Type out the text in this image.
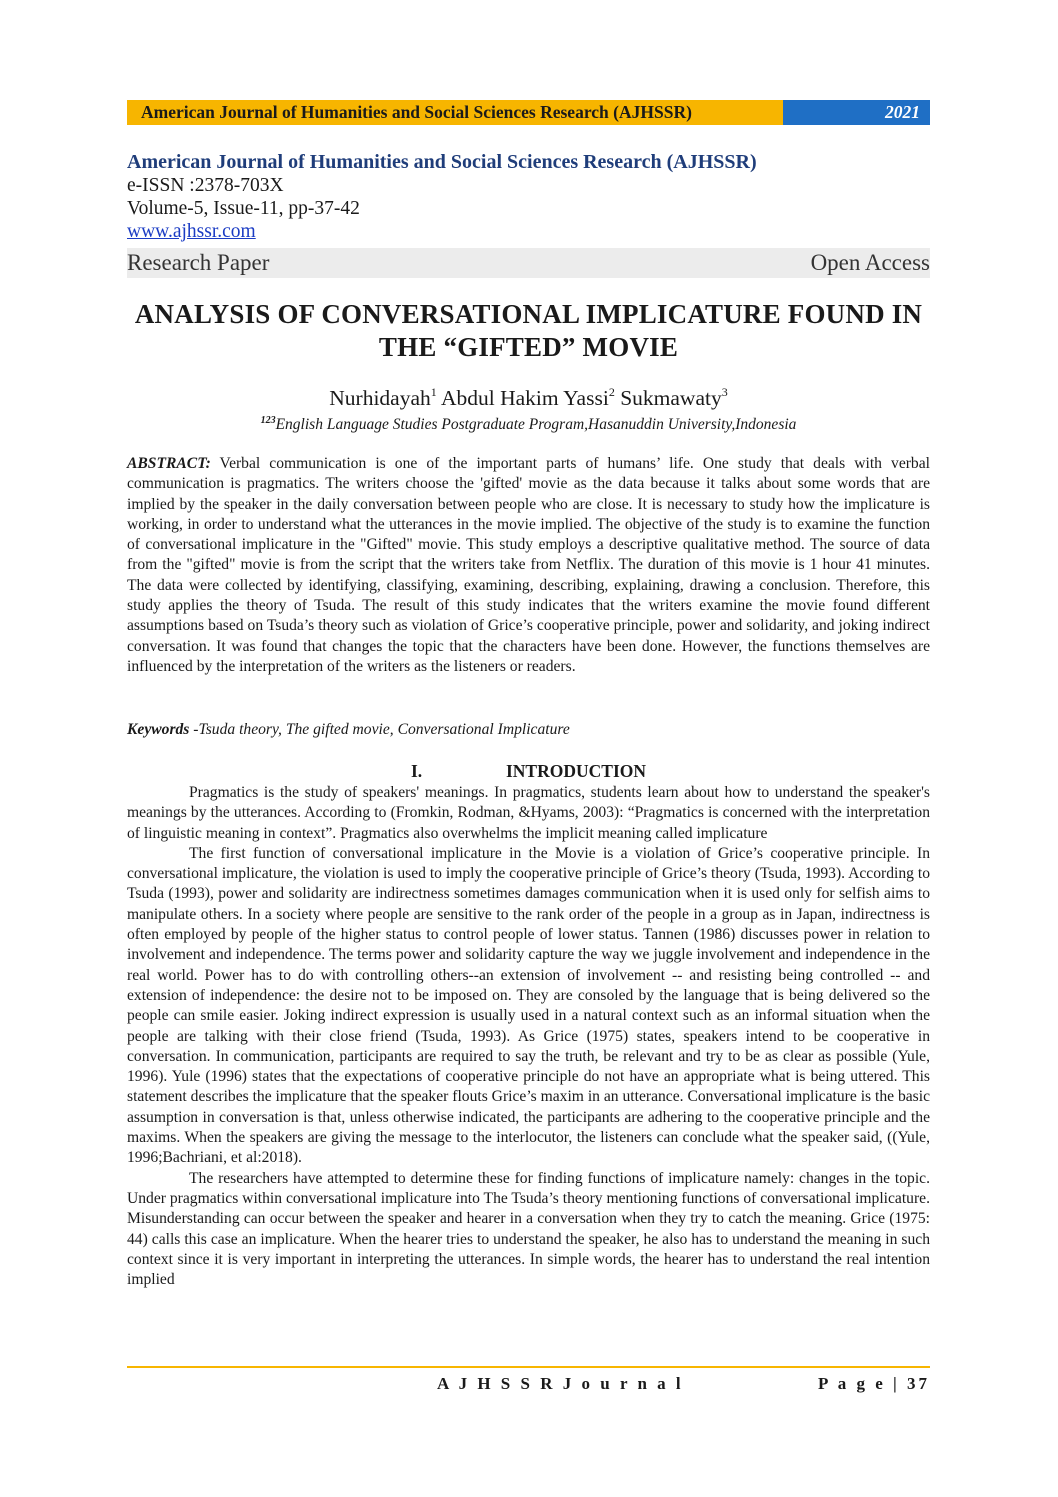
American Journal of Humanities and Social Sciences Research (AJHSSR)	2021

American Journal of Humanities and Social Sciences Research (AJHSSR)

e-ISSN :2378-703X

Volume-5, Issue-11, pp-37-42

www.ajhssr.com
Research Paper	Open Access
ANALYSIS OF CONVERSATIONAL IMPLICATURE FOUND IN THE “GIFTED” MOVIE

Nurhidayah$^1$ Abdul Hakim Yassi$^2$ Sukmawaty$^3$

$^{123}$English Language Studies Postgraduate Program,Hasanuddin University,Indonesia

ABSTRACT: Verbal communication is one of the important parts of humans’ life. One study that deals with verbal communication is pragmatics. The writers choose the 'gifted' movie as the data because it talks about some words that are implied by the speaker in the daily conversation between people who are close. It is necessary to study how the implicature is working, in order to understand what the utterances in the movie implied. The objective of the study is to examine the function of conversational implicature in the "Gifted" movie. This study employs a descriptive qualitative method. The source of data from the "gifted" movie is from the script that the writers take from Netflix. The duration of this movie is 1 hour 41 minutes. The data were collected by identifying, classifying, examining, describing, explaining, drawing a conclusion. Therefore, this study applies the theory of Tsuda. The result of this study indicates that the writers examine the movie found different assumptions based on Tsuda’s theory such as violation of Grice’s cooperative principle, power and solidarity, and joking indirect conversation. It was found that changes the topic that the characters have been done. However, the functions themselves are influenced by the interpretation of the writers as the listeners or readers.

Keywords -Tsuda theory, The gifted movie, Conversational Implicature

I.	INTRODUCTION

Pragmatics is the study of speakers' meanings. In pragmatics, students learn about how to understand the speaker's meanings by the utterances. According to (Fromkin, Rodman, &Hyams, 2003): “Pragmatics is concerned with the interpretation of linguistic meaning in context”. Pragmatics also overwhelms the implicit meaning called implicature

The first function of conversational implicature in the Movie is a violation of Grice’s cooperative principle. In conversational implicature, the violation is used to imply the cooperative principle of Grice’s theory (Tsuda, 1993). According to Tsuda (1993), power and solidarity are indirectness sometimes damages communication when it is used only for selfish aims to manipulate others. In a society where people are sensitive to the rank order of the people in a group as in Japan, indirectness is often employed by people of the higher status to control people of lower status. Tannen (1986) discusses power in relation to involvement and independence. The terms power and solidarity capture the way we juggle involvement and independence in the real world. Power has to do with controlling others--an extension of involvement -- and resisting being controlled -- and extension of independence: the desire not to be imposed on. They are consoled by the language that is being delivered so the people can smile easier. Joking indirect expression is usually used in a natural context such as an informal situation when the people are talking with their close friend (Tsuda, 1993). As Grice (1975) states, speakers intend to be cooperative in conversation. In communication, participants are required to say the truth, be relevant and try to be as clear as possible (Yule, 1996). Yule (1996) states that the expectations of cooperative principle do not have an appropriate what is being uttered. This statement describes the implicature that the speaker flouts Grice’s maxim in an utterance. Conversational implicature is the basic assumption in conversation is that, unless otherwise indicated, the participants are adhering to the cooperative principle and the maxims. When the speakers are giving the message to the interlocutor, the listeners can conclude what the speaker said, ((Yule, 1996;Bachriani, et al:2018).

The researchers have attempted to determine these for finding functions of implicature namely: changes in the topic. Under pragmatics within conversational implicature into The Tsuda’s theory mentioning functions of conversational implicature. Misunderstanding can occur between the speaker and hearer in a conversation when they try to catch the meaning. Grice (1975: 44) calls this case an implicature. When the hearer tries to understand the speaker, he also has to understand the meaning in such context since it is very important in interpreting the utterances. In simple words, the hearer has to understand the real intention implied

A J H S S R J o u r n a l	P a g e | 37
